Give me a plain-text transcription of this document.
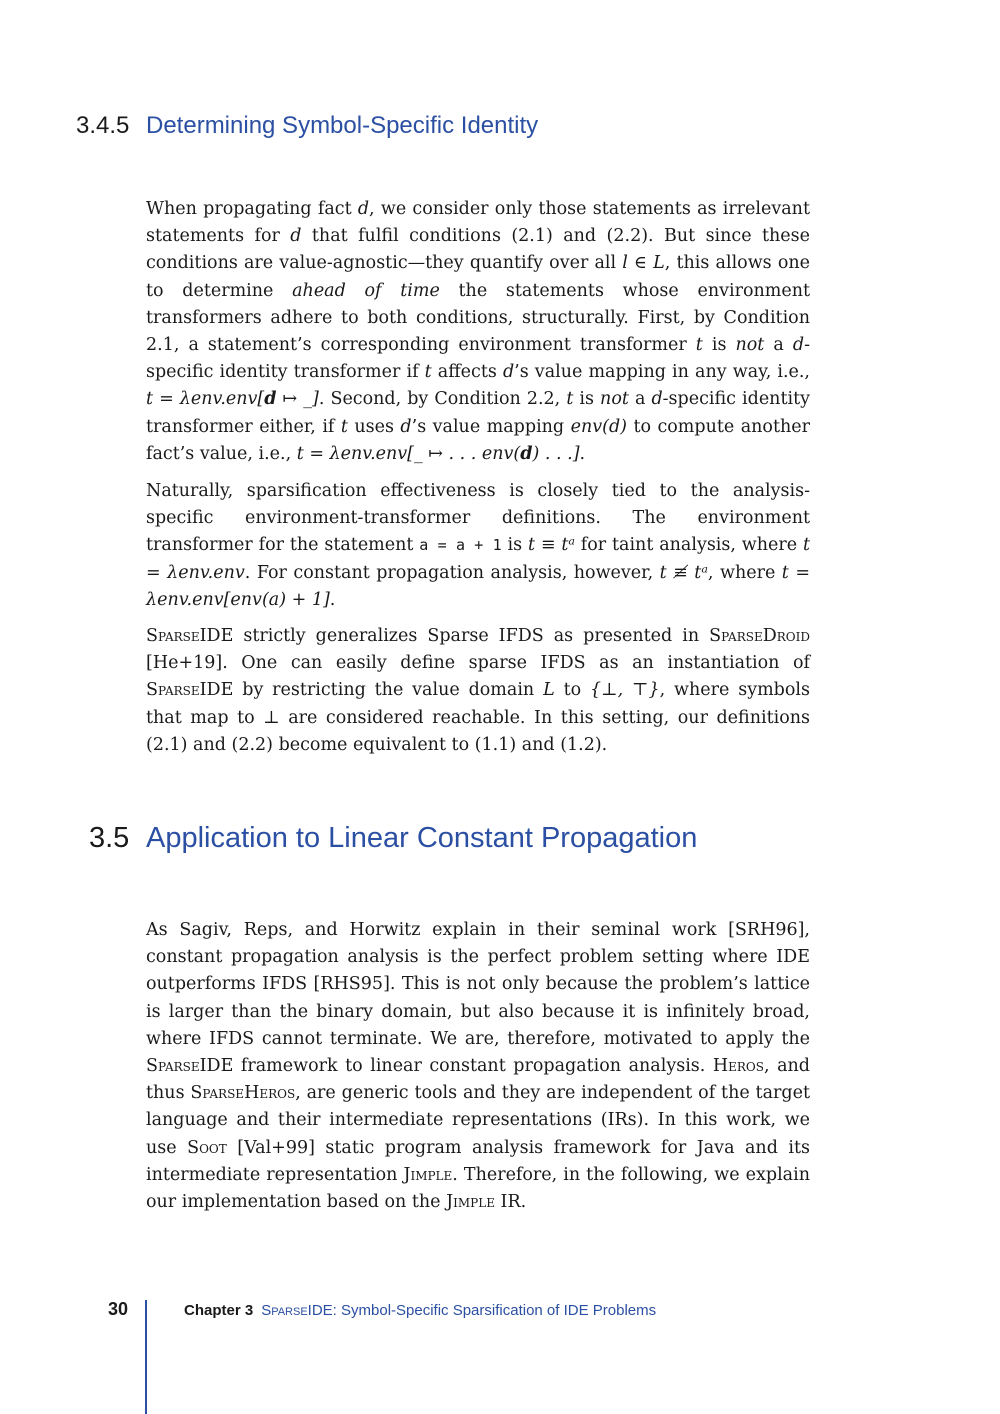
3.4.5 Determining Symbol-Specific Identity

When propagating fact d, we consider only those statements as irrelevant statements for d that fulfil conditions (2.1) and (2.2). But since these conditions are value-agnostic—they quantify over all l ∈ L, this allows one to determine ahead of time the statements whose environment transformers adhere to both conditions, structurally. First, by Condition 2.1, a statement’s corresponding environment transformer t is not a d-specific identity transformer if t affects d’s value mapping in any way, i.e., t = λenv.env[d ↦ _]. Second, by Condition 2.2, t is not a d-specific identity transformer either, if t uses d’s value mapping env(d) to compute another fact’s value, i.e., t = λenv.env[_ ↦ . . . env(d) . . .].

Naturally, sparsification effectiveness is closely tied to the analysis-specific environment-transformer definitions. The environment transformer for the statement a = a + 1 is t ≡ tᵃ for taint analysis, where t = λenv.env. For constant propagation analysis, however, t ≢ tᵃ, where t = λenv.env[env(a) + 1].

SparseIDE strictly generalizes Sparse IFDS as presented in SparseDroid [He+19]. One can easily define sparse IFDS as an instantiation of SparseIDE by restricting the value domain L to {⊥, ⊤}, where symbols that map to ⊥ are considered reachable. In this setting, our definitions (2.1) and (2.2) become equivalent to (1.1) and (1.2).

3.5 Application to Linear Constant Propagation

As Sagiv, Reps, and Horwitz explain in their seminal work [SRH96], constant propagation analysis is the perfect problem setting where IDE outperforms IFDS [RHS95]. This is not only because the problem’s lattice is larger than the binary domain, but also because it is infinitely broad, where IFDS cannot terminate. We are, therefore, motivated to apply the SparseIDE framework to linear constant propagation analysis. Heros, and thus SparseHeros, are generic tools and they are independent of the target language and their intermediate representations (IRs). In this work, we use Soot [Val+99] static program analysis framework for Java and its intermediate representation Jimple. Therefore, in the following, we explain our implementation based on the Jimple IR.

30	Chapter 3 SparseIDE: Symbol-Specific Sparsification of IDE Problems
